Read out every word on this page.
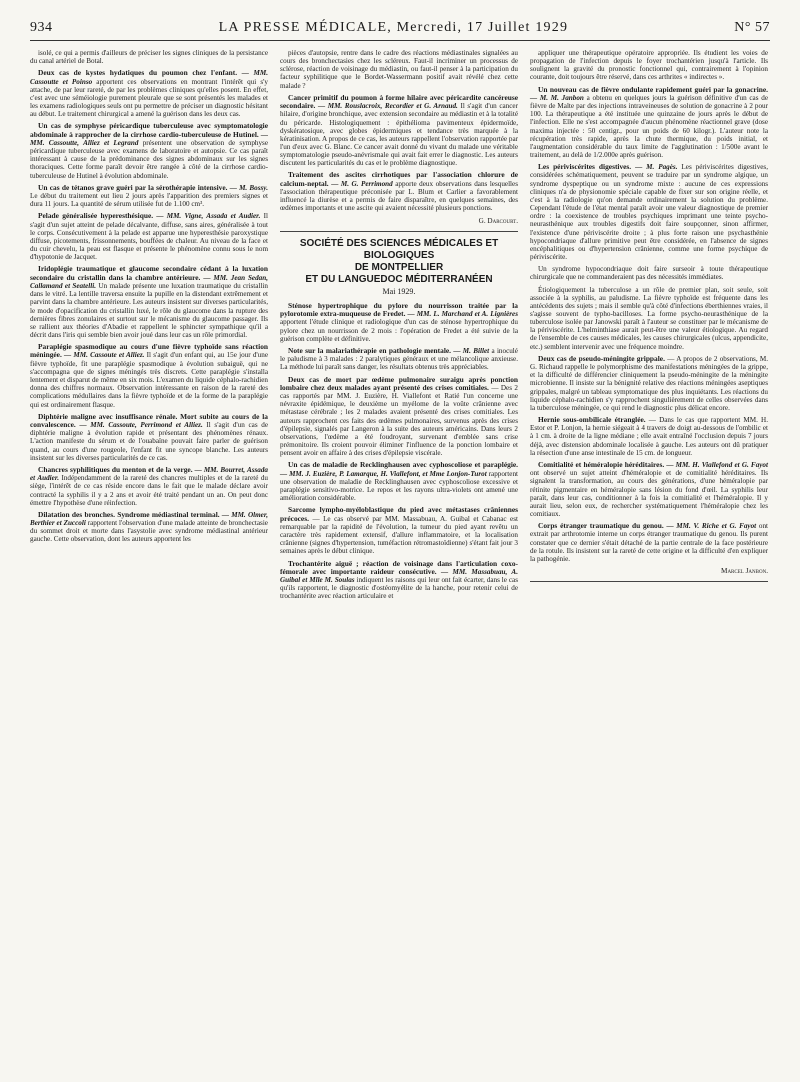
934	LA PRESSE MÉDICALE, Mercredi, 17 Juillet 1929	N° 57

isolé, ce qui a permis d'ailleurs de préciser les signes cliniques de la persistance du canal artériel de Botal.

Deux cas de kystes hydatiques du poumon chez l'enfant. — MM. Cassoutte et Poinso apportent ces observations en montrant l'intérêt qui s'y attache, de par leur rareté, de par les problèmes cliniques qu'elles posent. En effet, c'est avec une séméiologie purement pleurale que se sont présentés les malades et les examens radiologiques seuls ont pu permettre de préciser un diagnostic hésitant au début. Le traitement chirurgical a amené la guérison dans les deux cas.

Un cas de symphyse péricardique tuberculeuse avec symptomatologie abdominale à rapprocher de la cirrhose cardio-tuberculeuse de Hutinel. — MM. Cassoutte, Alliez et Legrand présentent une observation de symphyse péricardique tuberculeuse avec examens de laboratoire et autopsie. Ce cas paraît intéressant à cause de la prédominance des signes abdominaux sur les signes thoraciques. Cette forme paraît devoir être rangée à côté de la cirrhose cardio-tuberculeuse de Hutinel à évolution abdominale.

Un cas de tétanos grave guéri par la sérothérapie intensive. — M. Bossy. Le début du traitement eut lieu 2 jours après l'apparition des premiers signes et dura 11 jours. La quantité de sérum utilisée fut de 1.100 cm³.

Pelade généralisée hyperesthésique. — MM. Vigne, Assada et Audier. Il s'agit d'un sujet atteint de pelade décalvante, diffuse, sans aires, généralisée à tout le corps. Consécutivement à la pelade est apparue une hyperesthésie paroxystique diffuse, picotements, frissonnements, bouffées de chaleur. Au niveau de la face et du cuir chevelu, la peau est flasque et présente le phénomène connu sous le nom d'hypotonie de Jacquet.

Iridoplégie traumatique et glaucome secondaire cédant à la luxation secondaire du cristallin dans la chambre antérieure. — MM. Jean Sedan, Callamand et Seatelli. Un malade présente une luxation traumatique du cristallin dans le vitré. La lentille traversa ensuite la pupille en la distendant extrêmement et parvint dans la chambre antérieure. Les auteurs insistent sur diverses particularités, le mode d'opacification du cristallin luxé, le rôle du glaucome dans la rupture des dernières fibres zonulaires et surtout sur le mécanisme du glaucome passager. Ils se rallient aux théories d'Abadie et rappellent le sphincter sympathique qu'il a décrit dans l'iris qui semble bien avoir joué dans leur cas un rôle primordial.

Paraplégie spasmodique au cours d'une fièvre typhoïde sans réaction méningée. — MM. Cassoute et Alliez. Il s'agit d'un enfant qui, au 15e jour d'une fièvre typhoïde, fit une paraplégie spasmodique à évolution subaiguë, qui ne s'accompagna que de signes méningés très discrets. Cette paraplégie s'installa lentement et disparut de même en six mois. L'examen du liquide céphalo-rachidien donna des chiffres normaux. Observation intéressante en raison de la rareté des complications médullaires dans la fièvre typhoïde et de la forme de la paraplégie qui est ordinairement flasque.

Diphtérie maligne avec insuffisance rénale. Mort subite au cours de la convalescence. — MM. Cassoute, Perrimond et Alliez. Il s'agit d'un cas de diphtérie maligne à évolution rapide et présentant des phénomènes rénaux. L'action manifeste du sérum et de l'ouabaïne pouvait faire parler de guérison quand, au cours d'une rougeole, l'enfant fit une syncope blanche. Les auteurs insistent sur les diverses particularités de ce cas.

Chancres syphilitiques du menton et de la verge. — MM. Bourret, Assada et Audier. Indépendamment de la rareté des chancres multiples et de la rareté du siège, l'intérêt de ce cas réside encore dans le fait que le malade déclare avoir contracté la syphilis il y a 2 ans et avoir été traité pendant un an. On peut donc émettre l'hypothèse d'une réinfection.

Dilatation des bronches. Syndrome médiastinal terminal. — MM. Olmer, Berthier et Zuccoli rapportent l'observation d'une malade atteinte de bronchectasie du sommet droit et morte dans l'asystolie avec syndrome médiastinal antérieur gauche. Cette observation, dont les auteurs apportent les

pièces d'autopsie, rentre dans le cadre des réactions médiastinales signalées au cours des bronchectasies chez les scléreux. Faut-il incriminer un processus de sclérose, réaction de voisinage du médiastin, ou faut-il penser à la participation du facteur syphilitique que le Bordet-Wassermann positif avait révélé chez cette malade ?

Cancer primitif du poumon à forme hilaire avec péricardite cancéreuse secondaire. — MM. Rouslacroix, Recordier et G. Arnaud. Il s'agit d'un cancer hilaire, d'origine bronchique, avec extension secondaire au médiastin et à la totalité du péricarde. Histologiquement : épithélioma pavimenteux épidermoïde, dyskératosique, avec globes épidermiques et tendance très marquée à la kératinisation. A propos de ce cas, les auteurs rappellent l'observation rapportée par l'un d'eux avec G. Blanc. Ce cancer avait donné du vivant du malade une véritable symptomatologie pseudo-anévrismale qui avait fait errer le diagnostic. Les auteurs discutent les particularités du cas et le problème diagnostique.

Traitement des ascites cirrhotiques par l'association chlorure de calcium-neptal. — M. G. Perrimond apporte deux observations dans lesquelles l'association thérapeutique préconisée par L. Blum et Carlier a favorablement influencé la diurèse et a permis de faire disparaître, en quelques semaines, des œdèmes importants et une ascite qui avaient nécessité plusieurs ponctions.

G. Darcourt.
SOCIÉTÉ DES SCIENCES MÉDICALES ET BIOLOGIQUES
DE MONTPELLIER
ET DU LANGUEDOC MÉDITERRANÉEN
Mai 1929.

Sténose hypertrophique du pylore du nourrisson traitée par la pylorotomie extra-muqueuse de Fredet. — MM. L. Marchand et A. Lignières apportent l'étude clinique et radiologique d'un cas de sténose hypertrophique du pylore chez un nourrisson de 2 mois : l'opération de Fredet a été suivie de la guérison complète et définitive.

Note sur la malariathérapie en pathologie mentale. — M. Billet a inoculé le paludisme à 3 malades : 2 paralytiques généraux et une mélancolique anxieuse. La méthode lui paraît sans danger, les résultats obtenus très appréciables.

Deux cas de mort par œdème pulmonaire suraigu après ponction lombaire chez deux malades ayant présenté des crises comitiales. — Des 2 cas rapportés par MM. J. Euzière, H. Viallefont et Ratié l'un concerne une névraxite épidémique, le deuxième un myélome de la voûte crânienne avec métastase cérébrale ; les 2 malades avaient présenté des crises comitiales. Les auteurs rapprochent ces faits des œdèmes pulmonaires, survenus après des crises d'épilepsie, signalés par Langeron à la suite des auteurs américains. Dans leurs 2 observations, l'œdème a été foudroyant, survenant d'emblée sans crise prémonitoire. Ils croient pouvoir éliminer l'influence de la ponction lombaire et pensent avoir en affaire à des crises d'épilepsie viscérale.

Un cas de maladie de Recklinghausen avec cyphoscoliose et paraplégie. — MM. J. Euzière, P. Lamarque, H. Viallefont, et Mme Lonjon-Turot rapportent une observation de maladie de Recklinghausen avec cyphoscoliose excessive et paraplégie sensitivo-motrice. Le repos et les rayons ultra-violets ont amené une amélioration considérable.

Sarcome lympho-myéloblastique du pied avec métastases crâniennes précoces. — Le cas observé par MM. Massabuau, A. Guibal et Cabanac est remarquable par la rapidité de l'évolution, la tumeur du pied ayant revêtu un caractère très rapidement extensif, d'allure inflammatoire, et la localisation crânienne (signes d'hypertension, tuméfaction rétromastoïdienne) s'étant fait jour 3 semaines après le début clinique.

Trochantérite aiguë ; réaction de voisinage dans l'articulation coxo-fémorale avec importante raideur consécutive. — MM. Massabuau, A. Guibal et Mlle M. Soulas indiquent les raisons qui leur ont fait écarter, dans le cas qu'ils rapportent, le diagnostic d'ostéomyélite de la hanche, pour retenir celui de trochantérite avec réaction articulaire et

appliquer une thérapeutique opératoire appropriée. Ils étudient les voies de propagation de l'infection depuis le foyer trochantérien jusqu'à l'article. Ils soulignent la gravité du pronostic fonctionnel qui, contrairement à l'opinion courante, doit toujours être réservé, dans ces arthrites « indirectes ».

Un nouveau cas de fièvre ondulante rapidement guéri par la gonacrine. — M. M. Janbon a obtenu en quelques jours la guérison définitive d'un cas de fièvre de Malte par des injections intraveineuses de solution de gonacrine à 2 pour 100. La thérapeutique a été instituée une quinzaine de jours après le début de l'infection. Elle ne s'est accompagnée d'aucun phénomène réactionnel grave (dose maxima injectée : 50 centigr., pour un poids de 60 kilogr.). L'auteur note la récupération très rapide, après la chute thermique, du poids initial, et l'augmentation considérable du taux limite de l'agglutination : 1/500e avant le traitement, au delà de 1/2.000e après guérison.

Les périviscérites digestives. — M. Pagès. Les périviscérites digestives, considérées schématiquement, peuvent se traduire par un syndrome algique, un syndrome dyspeptique ou un syndrome mixte : aucune de ces expressions cliniques n'a de physionomie spéciale capable de fixer sur son origine réelle, et c'est à la radiologie qu'on demande ordinairement la solution du problème. Cependant l'étude de l'état mental paraît avoir une valeur diagnostique de premier ordre : la coexistence de troubles psychiques imprimant une teinte psycho-neurasthénique aux troubles digestifs doit faire soupçonner, sinon affirmer, l'existence d'une périviscérite droite ; à plus forte raison une psychasthénie hypocondriaque d'allure primitive peut être considérée, en l'absence de signes encéphalitiques ou d'hypertension crânienne, comme une forme psychique de périviscérite.

Un syndrome hypocondriaque doit faire surseoir à toute thérapeutique chirurgicale que ne commanderaient pas des nécessités immédiates.

Étiologiquement la tuberculose a un rôle de premier plan, soit seule, soit associée à la syphilis, au paludisme. La fièvre typhoïde est fréquente dans les antécédents des sujets ; mais il semble qu'à côté d'infections éberthiennes vraies, il s'agisse souvent de typho-bacilloses. La forme psycho-neurasthénique de la tuberculose isolée par Janowski paraît à l'auteur se constituer par le mécanisme de la périviscérite. L'helminthiase aurait peut-être une valeur étiologique. Au regard de l'ensemble de ces causes médicales, les causes chirurgicales (ulcus, appendicite, etc.) semblent intervenir avec une fréquence moindre.

Deux cas de pseudo-méningite grippale. — A propos de 2 observations, M. G. Richaud rappelle le polymorphisme des manifestations méningées de la grippe, et la difficulté de différencier cliniquement la pseudo-méningite de la méningite microbienne. Il insiste sur la bénignité relative des réactions méningées aseptiques grippales, malgré un tableau symptomatique des plus inquiétants. Les réactions du liquide céphalo-rachidien s'y rapprochent singulièrement de celles observées dans la tuberculose méningée, ce qui rend le diagnostic plus délicat encore.

Hernie sous-ombilicale étranglée. — Dans le cas que rapportent MM. H. Estor et P. Lonjon, la hernie siégeait à 4 travers de doigt au-dessous de l'ombilic et à 1 cm. à droite de la ligne médiane ; elle avait entraîné l'occlusion depuis 7 jours déjà, avec distension abdominale localisée à gauche. Les auteurs ont dû pratiquer la résection d'une anse intestinale de 15 cm. de longueur.

Comitialité et héméralopie héréditaires. — MM. H. Viallefond et G. Fayot ont observé un sujet atteint d'héméralopie et de comitialité héréditaires. Ils signalent la transformation, au cours des générations, d'une héméralopie par rétinite pigmentaire en héméralopie sans lésion du fond d'œil. La syphilis leur paraît, dans leur cas, conditionner à la fois la comitialité et l'héméralopie. Il y aurait lieu, selon eux, de rechercher systématiquement l'héméralopie chez les comitiaux.

Corps étranger traumatique du genou. — MM. V. Riche et G. Fayot ont extrait par arthrotomie interne un corps étranger traumatique du genou. Ils purent constater que ce dernier s'était détaché de la partie centrale de la face postérieure de la rotule. Ils insistent sur la rareté de cette origine et la difficulté d'en expliquer la pathogénie.

Marcel Janbon.
